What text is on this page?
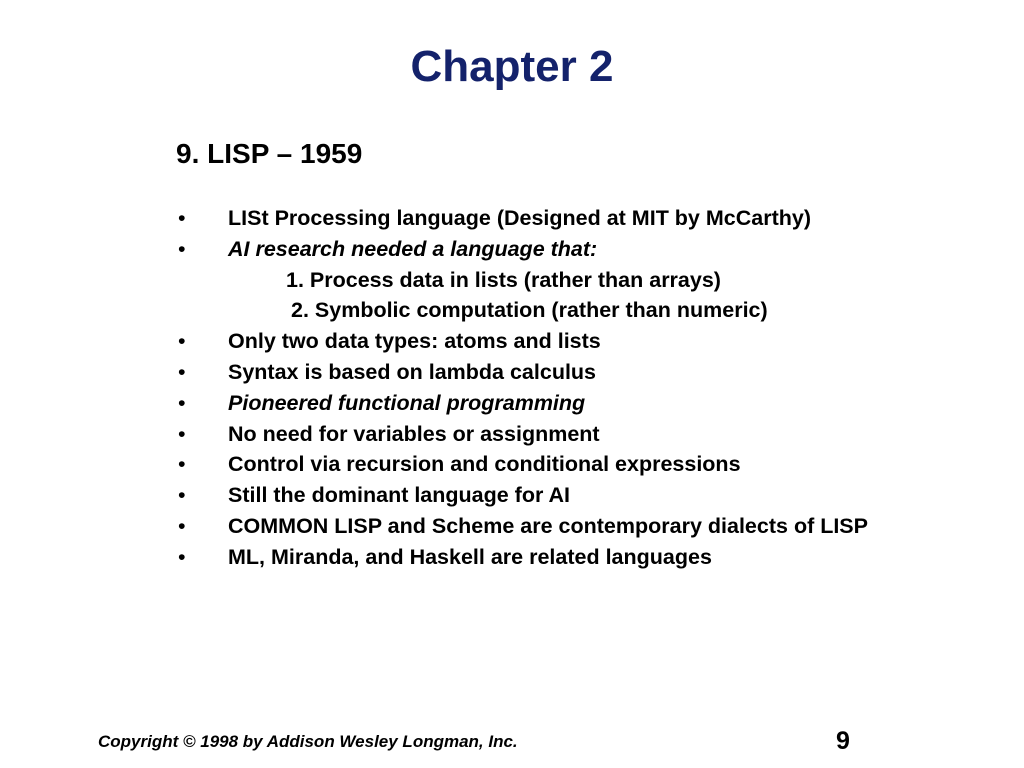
Chapter 2
9. LISP – 1959
•	LISt Processing language (Designed at MIT by McCarthy)
•	AI research needed a language that:
1. Process data in lists (rather than arrays)
2. Symbolic computation (rather than numeric)
•	Only two data types: atoms and lists
•	Syntax is based on lambda calculus
•	Pioneered functional programming
•	No need for variables or assignment
•	Control via recursion and conditional expressions
•	Still the dominant language for AI
•	COMMON LISP and Scheme are contemporary dialects of LISP
•	ML, Miranda, and Haskell are related languages
Copyright © 1998 by Addison Wesley Longman, Inc.	9
